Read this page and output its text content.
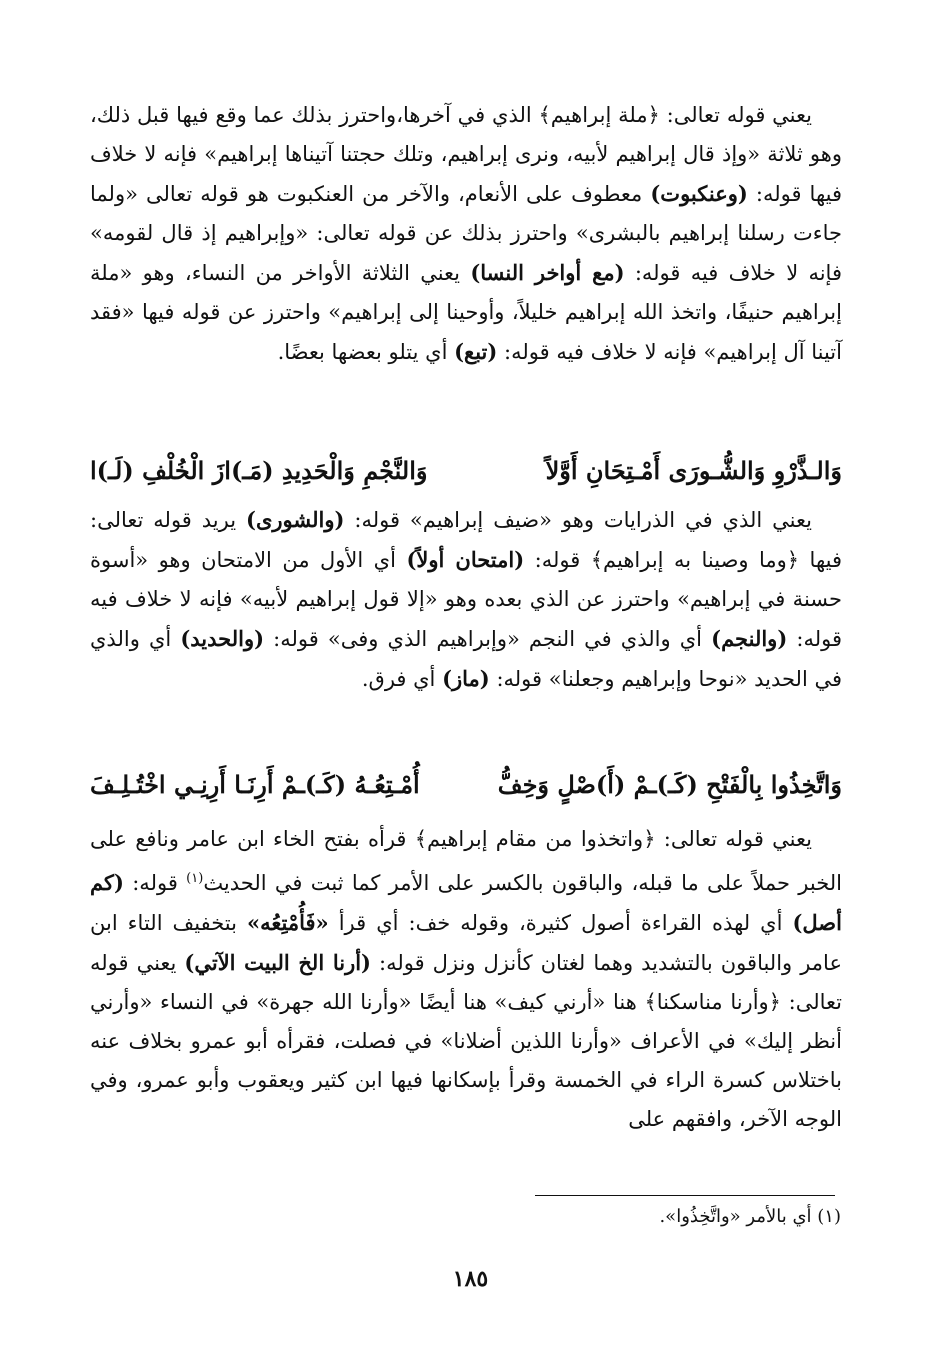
يعني قوله تعالى: ﴿ملة إبراهيم﴾ الذي في آخرها،واحترز بذلك عما وقع فيها قبل ذلك، وهو ثلاثة «وإذ قال إبراهيم لأبيه، ونرى إبراهيم، وتلك حجتنا آتيناها إبراهيم» فإنه لا خلاف فيها قوله: (وعنكبوت) معطوف على الأنعام، والآخر من العنكبوت هو قوله تعالى «ولما جاءت رسلنا إبراهيم بالبشرى» واحترز بذلك عن قوله تعالى: «وإبراهيم إذ قال لقومه» فإنه لا خلاف فيه قوله: (مع أواخر النسا) يعني الثلاثة الأواخر من النساء، وهو «ملة إبراهيم حنيفًا، واتخذ الله إبراهيم خليلاً، وأوحينا إلى إبراهيم» واحترز عن قوله فيها «فقد آتينا آل إبراهيم» فإنه لا خلاف فيه قوله: (تبع) أي يتلو بعضها بعضًا.

وَالـذَّرْوِ وَالشُّـورَى أَمْـتِحَانِ أَوَّلاً
وَالنَّجْمِ وَالْحَدِيدِ (مَـ)ازَ الْخُلْفِ (لَـ)ا

يعني الذي في الذرايات وهو «ضيف إبراهيم» قوله: (والشورى) يريد قوله تعالى: فيها ﴿وما وصينا به إبراهيم﴾ قوله: (امتحان أولاً) أي الأول من الامتحان وهو «أسوة حسنة في إبراهيم» واحترز عن الذي بعده وهو «إلا قول إبراهيم لأبيه» فإنه لا خلاف فيه قوله: (والنجم) أي والذي في النجم «وإبراهيم الذي وفى» قوله: (والحديد) أي والذي في الحديد «نوحا وإبراهيم وجعلنا» قوله: (ماز) أي فرق.

وَاتَّخِذُوا بِالْفَتْحِ (كَـ)ـمْ (أَ)صْلٍ وَخِفُّ
أُمْـتِعُـهُ (كَـ)ـمْ أَرِنَـا أَرِنِـي اخْتُـلِـفَ

يعني قوله تعالى: ﴿واتخذوا من مقام إبراهيم﴾ قرأه بفتح الخاء ابن عامر ونافع على الخبر حملاً على ما قبله، والباقون بالكسر على الأمر كما ثبت في الحديث$^{(١)}$ قوله: (كم أصل) أي لهذه القراءة أصول كثيرة، وقوله خف: أي قرأ «فَأُمْتِعُه» بتخفيف التاء ابن عامر والباقون بالتشديد وهما لغتان كأنزل ونزل قوله: (أرنا الخ البيت الآتي) يعني قوله تعالى: ﴿وأرنا مناسكنا﴾ هنا «أرني كيف» هنا أيضًا «وأرنا الله جهرة» في النساء «وأرني أنظر إليك» في الأعراف «وأرنا اللذين أضلانا» في فصلت، فقرأه أبو عمرو بخلاف عنه باختلاس كسرة الراء في الخمسة وقرأ بإسكانها فيها ابن كثير ويعقوب وأبو عمرو، وفي الوجه الآخر، وافقهم على

(١) أي بالأمر «واتَّخِذُوا».
١٨٥
